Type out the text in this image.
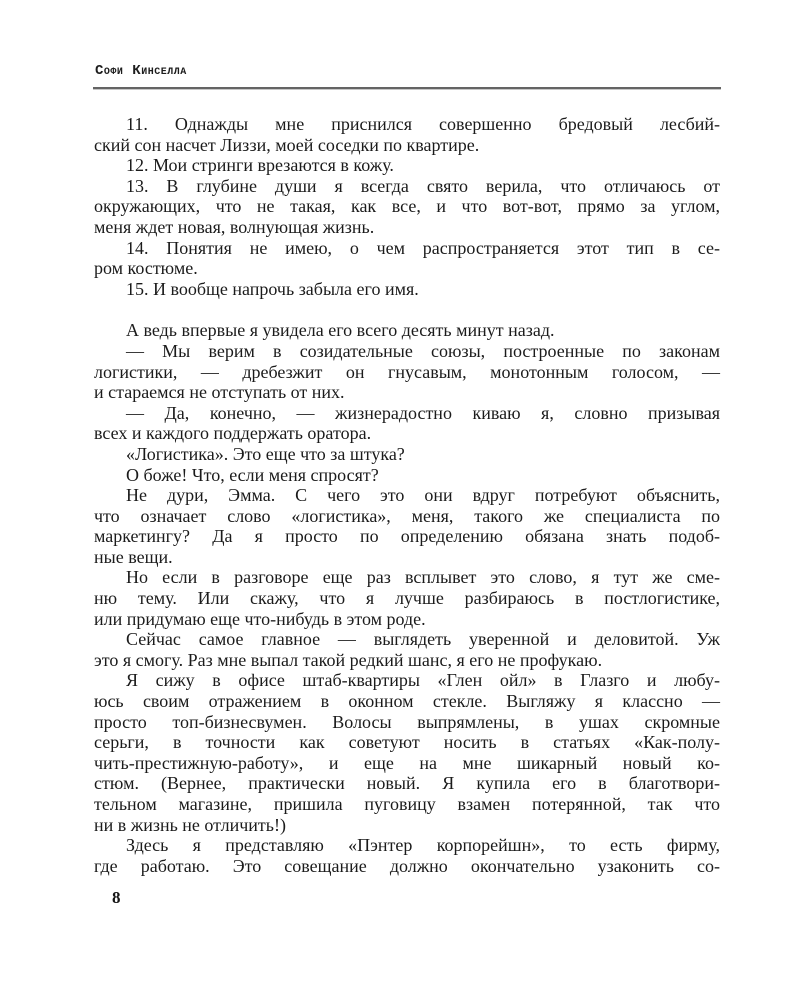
Софи Кинселла
11. Однажды мне приснился совершенно бредовый лесбий-
ский сон насчет Лиззи, моей соседки по квартире.
12. Мои стринги врезаются в кожу.
13. В глубине души я всегда свято верила, что отличаюсь от
окружающих, что не такая, как все, и что вот-вот, прямо за углом,
меня ждет новая, волнующая жизнь.
14. Понятия не имею, о чем распространяется этот тип в се-
ром костюме.
15. И вообще напрочь забыла его имя.
А ведь впервые я увидела его всего десять минут назад.
— Мы верим в созидательные союзы, построенные по законам
логистики, — дребезжит он гнусавым, монотонным голосом, —
и стараемся не отступать от них.
— Да, конечно, — жизнерадостно киваю я, словно призывая
всех и каждого поддержать оратора.
«Логистика». Это еще что за штука?
О боже! Что, если меня спросят?
Не дури, Эмма. С чего это они вдруг потребуют объяснить,
что означает слово «логистика», меня, такого же специалиста по
маркетингу? Да я просто по определению обязана знать подоб-
ные вещи.
Но если в разговоре еще раз всплывет это слово, я тут же сме-
ню тему. Или скажу, что я лучше разбираюсь в постлогистике,
или придумаю еще что-нибудь в этом роде.
Сейчас самое главное — выглядеть уверенной и деловитой. Уж
это я смогу. Раз мне выпал такой редкий шанс, я его не профукаю.
Я сижу в офисе штаб-квартиры «Глен ойл» в Глазго и любу-
юсь своим отражением в оконном стекле. Выгляжу я классно —
просто топ-бизнесвумен. Волосы выпрямлены, в ушах скромные
серьги, в точности как советуют носить в статьях «Как-полу-
чить-престижную-работу», и еще на мне шикарный новый ко-
стюм. (Вернее, практически новый. Я купила его в благотвори-
тельном магазине, пришила пуговицу взамен потерянной, так что
ни в жизнь не отличить!)
Здесь я представляю «Пэнтер корпорейшн», то есть фирму,
где работаю. Это совещание должно окончательно узаконить со-
8
